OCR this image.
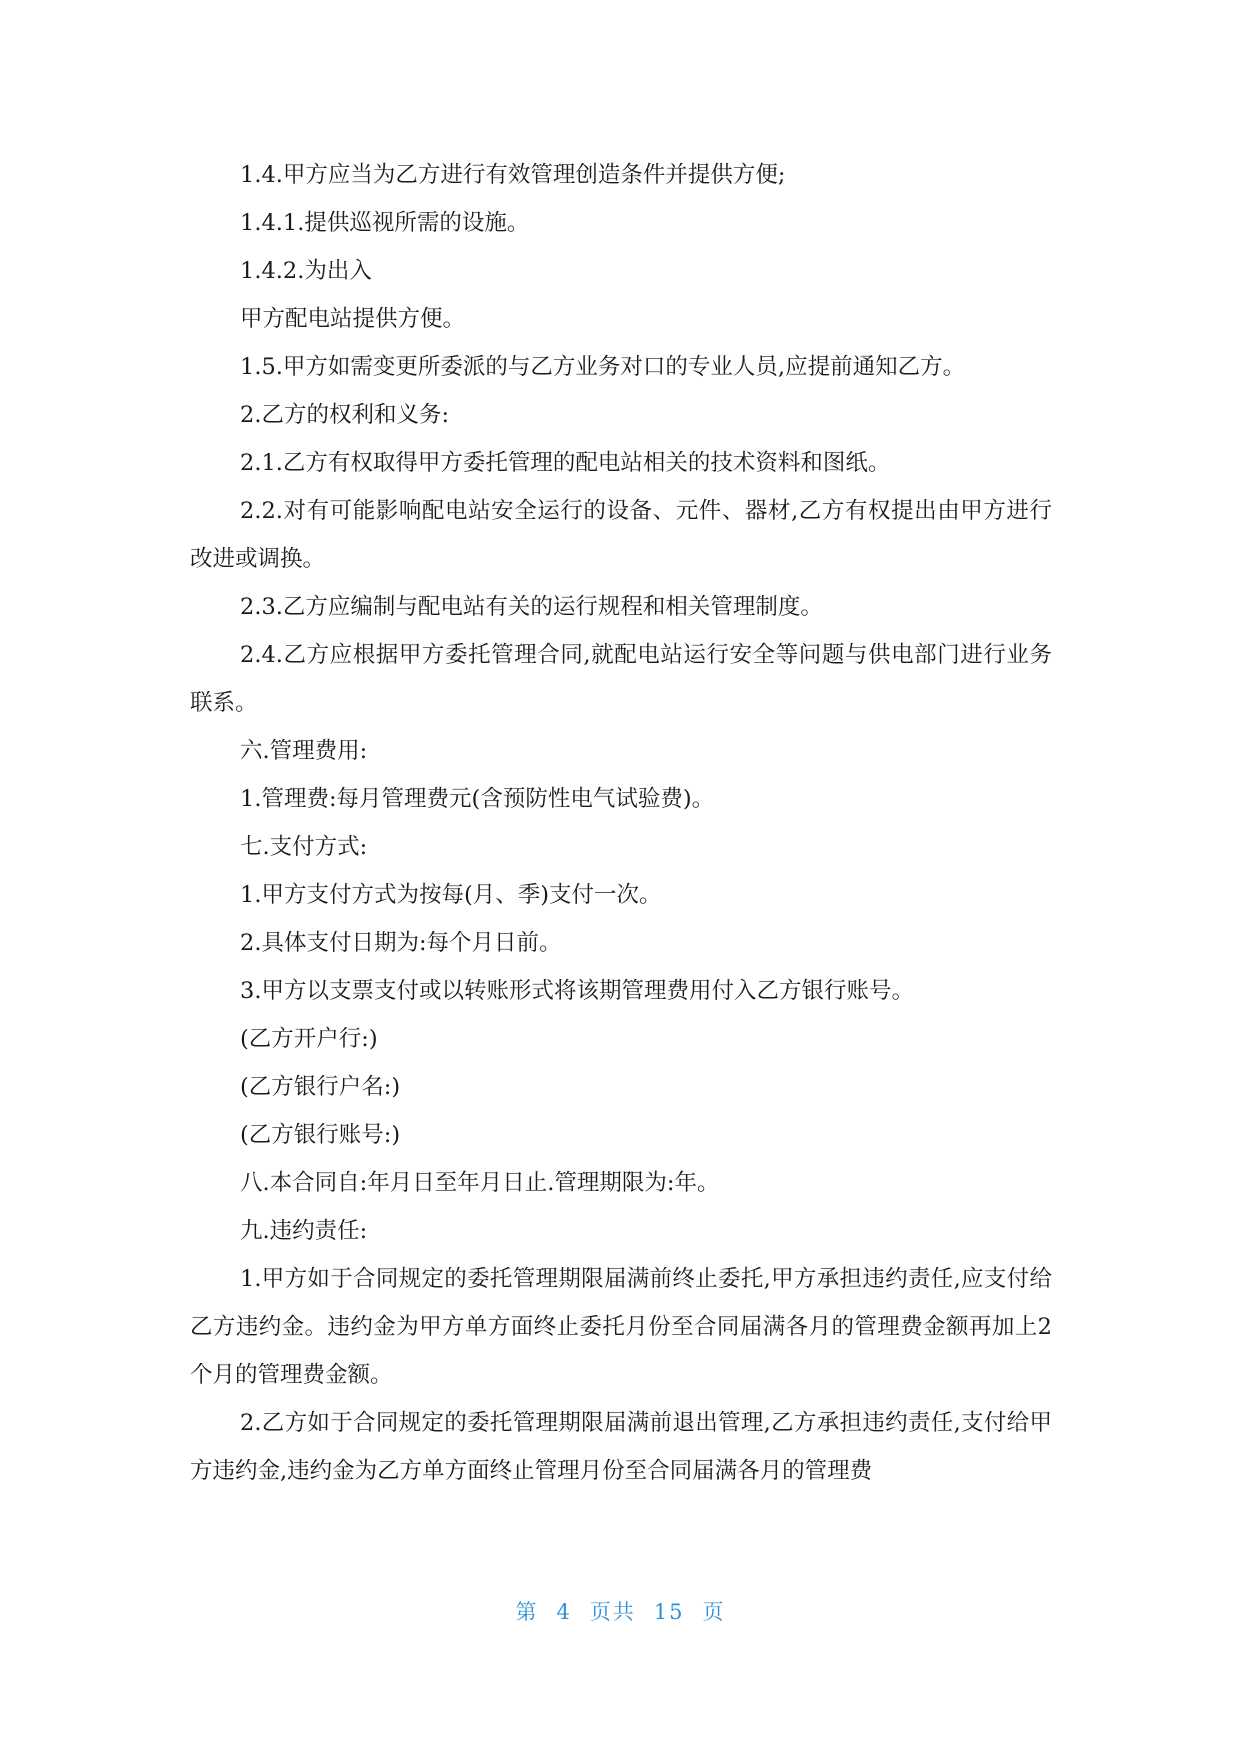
1.4.甲方应当为乙方进行有效管理创造条件并提供方便;

1.4.1.提供巡视所需的设施。

1.4.2.为出入

甲方配电站提供方便。

1.5.甲方如需变更所委派的与乙方业务对口的专业人员,应提前通知乙方。

2.乙方的权利和义务:

2.1.乙方有权取得甲方委托管理的配电站相关的技术资料和图纸。

2.2.对有可能影响配电站安全运行的设备、元件、器材,乙方有权提出由甲方进行改进或调换。

2.3.乙方应编制与配电站有关的运行规程和相关管理制度。

2.4.乙方应根据甲方委托管理合同,就配电站运行安全等问题与供电部门进行业务联系。

六.管理费用:

1.管理费:每月管理费元(含预防性电气试验费)。

七.支付方式:

1.甲方支付方式为按每(月、季)支付一次。

2.具体支付日期为:每个月日前。

3.甲方以支票支付或以转账形式将该期管理费用付入乙方银行账号。

(乙方开户行:)

(乙方银行户名:)

(乙方银行账号:)

八.本合同自:年月日至年月日止.管理期限为:年。

九.违约责任:

1.甲方如于合同规定的委托管理期限届满前终止委托,甲方承担违约责任,应支付给乙方违约金。违约金为甲方单方面终止委托月份至合同届满各月的管理费金额再加上2个月的管理费金额。

2.乙方如于合同规定的委托管理期限届满前退出管理,乙方承担违约责任,支付给甲方违约金,违约金为乙方单方面终止管理月份至合同届满各月的管理费

第 4 页共 15 页
